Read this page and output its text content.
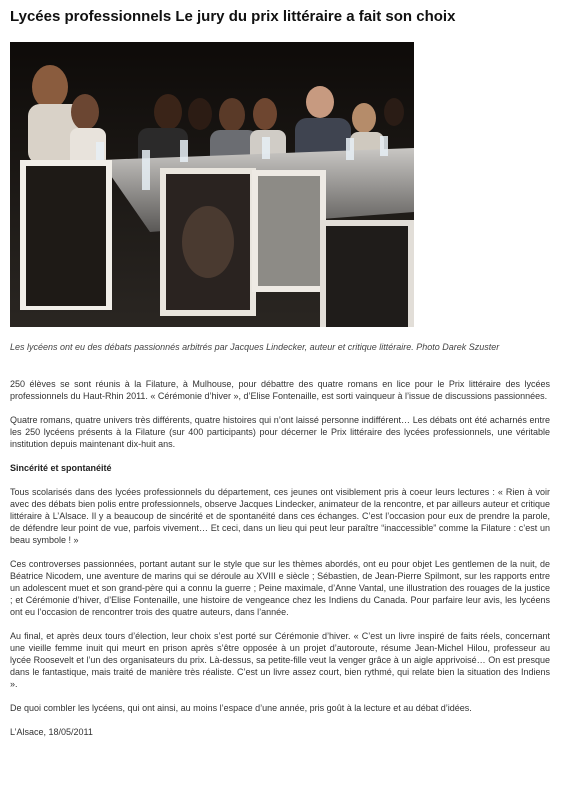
Lycées professionnels Le jury du prix littéraire a fait son choix
Les lycéens ont eu des débats passionnés arbitrés par Jacques Lindecker, auteur et critique littéraire. Photo Darek Szuster

250 élèves se sont réunis à la Filature, à Mulhouse, pour débattre des quatre romans en lice pour le Prix littéraire des lycées professionnels du Haut-Rhin 2011. « Cérémonie d’hiver », d’Elise Fontenaille, est sorti vainqueur à l’issue de discussions passionnées.

Quatre romans, quatre univers très différents, quatre histoires qui n’ont laissé personne indifférent… Les débats ont été acharnés entre les 250 lycéens présents à la Filature (sur 400 participants) pour décerner le Prix littéraire des lycées professionnels, une véritable institution depuis maintenant dix-huit ans.

Sincérité et spontanéité

Tous scolarisés dans des lycées professionnels du département, ces jeunes ont visiblement pris à coeur leurs lectures : « Rien à voir avec des débats bien polis entre professionnels, observe Jacques Lindecker, animateur de la rencontre, et par ailleurs auteur et critique littéraire à L’Alsace. Il y a beaucoup de sincérité et de spontanéité dans ces échanges. C’est l’occasion pour eux de prendre la parole, de défendre leur point de vue, parfois vivement… Et ceci, dans un lieu qui peut leur paraître “inaccessible” comme la Filature : c’est un beau symbole ! »

Ces controverses passionnées, portant autant sur le style que sur les thèmes abordés, ont eu pour objet Les gentlemen de la nuit, de Béatrice Nicodem, une aventure de marins qui se déroule au XVIII e siècle ; Sébastien, de Jean-Pierre Spilmont, sur les rapports entre un adolescent muet et son grand-père qui a connu la guerre ; Peine maximale, d’Anne Vantal, une illustration des rouages de la justice ; et Cérémonie d’hiver, d’Elise Fontenaille, une histoire de vengeance chez les Indiens du Canada. Pour parfaire leur avis, les lycéens ont eu l’occasion de rencontrer trois des quatre auteurs, dans l’année.

Au final, et après deux tours d’élection, leur choix s’est porté sur Cérémonie d’hiver. « C’est un livre inspiré de faits réels, concernant une vieille femme inuit qui meurt en prison après s’être opposée à un projet d’autoroute, résume Jean-Michel Hilou, professeur au lycée Roosevelt et l’un des organisateurs du prix. Là-dessus, sa petite-fille veut la venger grâce à un aigle apprivoisé… On est presque dans le fantastique, mais traité de manière très réaliste. C’est un livre assez court, bien rythmé, qui relate bien la situation des Indiens ».

De quoi combler les lycéens, qui ont ainsi, au moins l’espace d’une année, pris goût à la lecture et au débat d’idées.

L’Alsace, 18/05/2011
